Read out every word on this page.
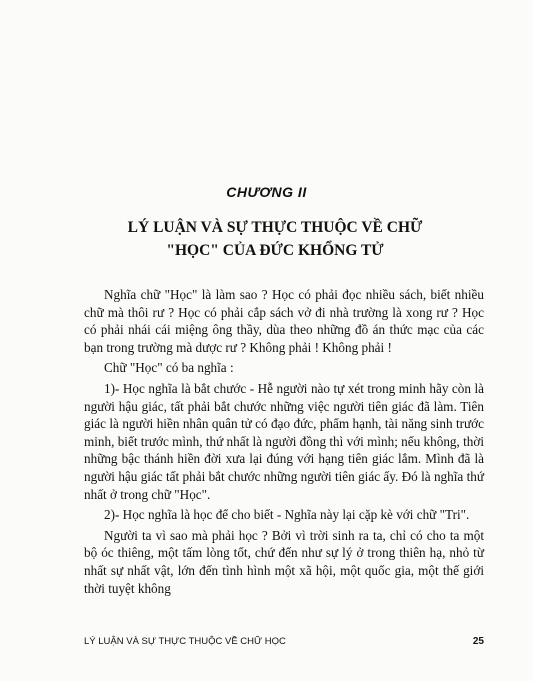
CHƯƠNG II
LÝ LUẬN VÀ SỰ THỰC THUỘC VỀ CHỮ
"HỌC" CỦA ĐỨC KHỔNG TỬ

Nghĩa chữ "Học" là làm sao ? Học có phải đọc nhiều sách, biết nhiều chữ mà thôi rư ? Học có phải cắp sách vở đi nhà trường là xong rư ? Học có phải nhái cái miệng ông thầy, dùa theo những đồ án thức mạc của các bạn trong trường mà dược rư ? Không phải ! Không phải !

Chữ "Học" có ba nghĩa :

1)- Học nghĩa là bắt chước - Hễ người nào tự xét trong minh hãy còn là người hậu giác, tất phải bắt chước những việc người tiên giác đã làm. Tiên giác là người hiền nhân quân tử có đạo đức, phẩm hạnh, tài năng sinh trước minh, biết trước mình, thứ nhất là người đồng thì với mình; nếu không, thời những bậc thánh hiền đời xưa lại đúng với hạng tiên giác lắm. Mình đã là người hậu giác tất phải bắt chước những người tiên giác ấy. Đó là nghĩa thứ nhất ở trong chữ "Học".

2)- Học nghĩa là học để cho biết - Nghĩa này lại cặp kè với chữ "Tri".

Người ta vì sao mà phải học ? Bởi vì trời sinh ra ta, chỉ có cho ta một bộ óc thiêng, một tấm lòng tốt, chứ đến như sự lý ở trong thiên hạ, nhỏ từ nhất sự nhất vật, lớn đến tình hình một xã hội, một quốc gia, một thế giới thời tuyệt không

LÝ LUẬN VÀ SỰ THỰC THUỘC VỀ CHỮ HỌC	25
